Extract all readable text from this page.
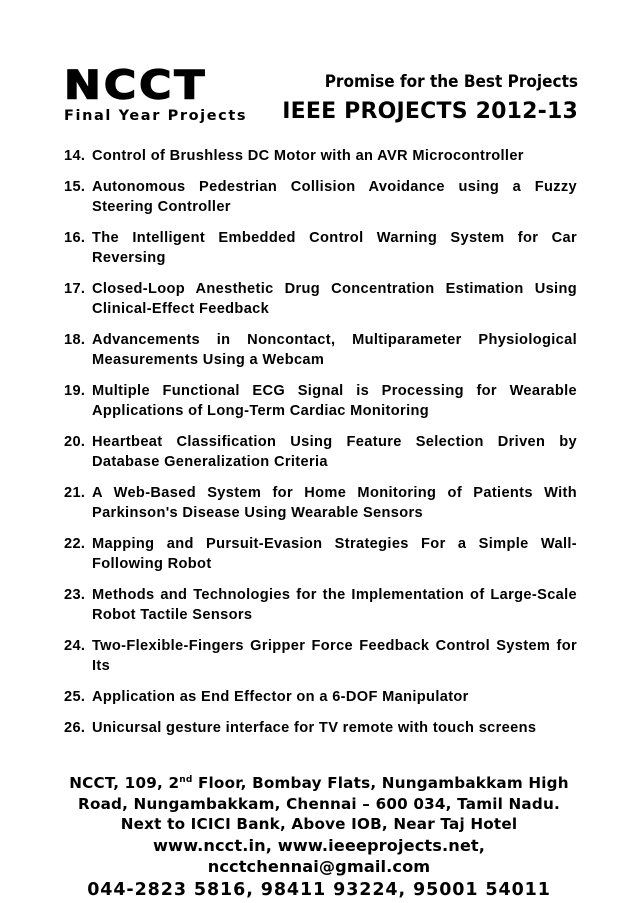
NCCT
Final Year Projects
Promise for the Best Projects
IEEE PROJECTS 2012-13
14. Control of Brushless DC Motor with an AVR Microcontroller
15. Autonomous Pedestrian Collision Avoidance using a Fuzzy Steering Controller
16. The Intelligent Embedded Control Warning System for Car Reversing
17. Closed-Loop Anesthetic Drug Concentration Estimation Using Clinical-Effect Feedback
18. Advancements in Noncontact, Multiparameter Physiological Measurements Using a Webcam
19. Multiple Functional ECG Signal is Processing for Wearable Applications of Long-Term Cardiac Monitoring
20. Heartbeat Classification Using Feature Selection Driven by Database Generalization Criteria
21. A Web-Based System for Home Monitoring of Patients With Parkinson's Disease Using Wearable Sensors
22. Mapping and Pursuit-Evasion Strategies For a Simple Wall-Following Robot
23. Methods and Technologies for the Implementation of Large-Scale Robot Tactile Sensors
24. Two-Flexible-Fingers Gripper Force Feedback Control System for Its
25. Application as End Effector on a 6-DOF Manipulator
26. Unicursal gesture interface for TV remote with touch screens
NCCT, 109, 2nd Floor, Bombay Flats, Nungambakkam High Road, Nungambakkam, Chennai – 600 034, Tamil Nadu. Next to ICICI Bank, Above IOB, Near Taj Hotel
www.ncct.in, www.ieeeprojects.net, ncctchennai@gmail.com
044-2823 5816, 98411 93224, 95001 54011
